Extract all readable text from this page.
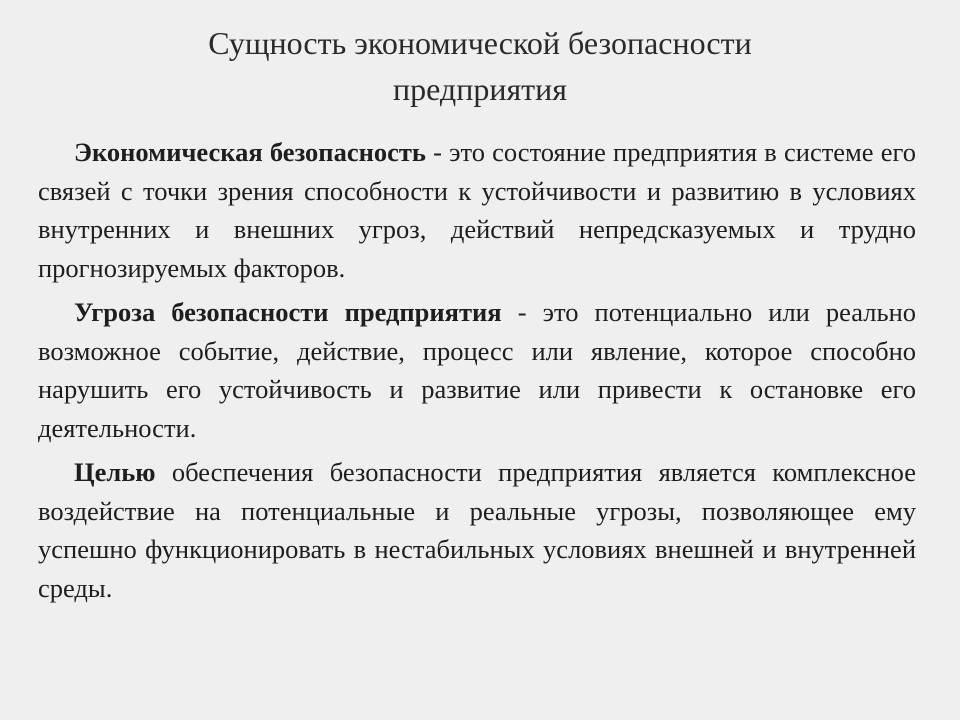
Сущность экономической безопасности
предприятия

Экономическая безопасность - это состояние предприятия в системе его связей с точки зрения способности к устойчивости и развитию в условиях внутренних и внешних угроз, действий непредсказуемых и трудно прогнозируемых факторов.

Угроза безопасности предприятия - это потенциально или реально возможное событие, действие, процесс или явление, которое способно нарушить его устойчивость и развитие или привести к остановке его деятельности.

Целью обеспечения безопасности предприятия является комплексное воздействие на потенциальные и реальные угрозы, позволяющее ему успешно функционировать в нестабильных условиях внешней и внутренней среды.
